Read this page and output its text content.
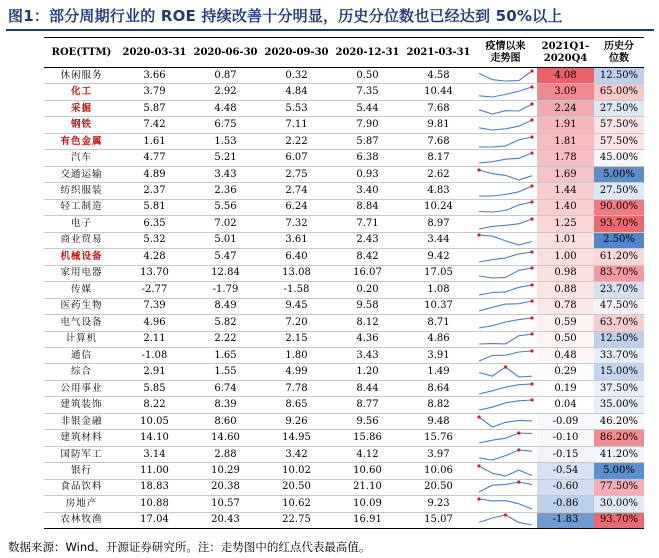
图1：部分周期行业的 ROE 持续改善十分明显，历史分位数也已经达到 50%以上
ROE(TTM)	2020-03-31	2020-06-30	2020-09-30	2020-12-31	2021-03-31	疫情以来
走势图	2021Q1-
2020Q4	历史分
位数
休闲服务	3.66	0.87	0.32	0.50	4.58		4.08	12.50%
化工	3.79	2.92	4.84	7.35	10.44		3.09	65.00%
采掘	5.87	4.48	5.53	5.44	7.68		2.24	27.50%
钢铁	7.42	6.75	7.11	7.90	9.81		1.91	57.50%
有色金属	1.61	1.53	2.22	5.87	7.68		1.81	57.50%
汽车	4.77	5.21	6.07	6.38	8.17		1.78	45.00%
交通运输	4.89	3.43	2.75	0.93	2.62		1.69	5.00%
纺织服装	2.37	2.36	2.74	3.40	4.83		1.44	27.50%
轻工制造	5.81	5.56	6.24	8.84	10.24		1.40	90.00%
电子	6.35	7.02	7.32	7.71	8.97		1.25	93.70%
商业贸易	5.32	5.01	3.61	2.43	3.44		1.01	2.50%
机械设备	4.28	5.47	6.40	8.42	9.42		1.00	61.20%
家用电器	13.70	12.84	13.08	16.07	17.05		0.98	83.70%
传媒	-2.77	-1.79	-1.58	0.20	1.08		0.88	23.70%
医药生物	7.39	8.49	9.45	9.58	10.37		0.78	47.50%
电气设备	4.96	5.82	7.20	8.12	8.71		0.59	63.70%
计算机	2.11	2.22	2.15	4.36	4.86		0.50	12.50%
通信	-1.08	1.65	1.80	3.43	3.91		0.48	33.70%
综合	2.91	1.55	4.99	1.20	1.49		0.29	15.00%
公用事业	5.85	6.74	7.78	8.44	8.64		0.19	37.50%
建筑装饰	8.22	8.39	8.65	8.77	8.82		0.04	35.00%
非银金融	10.05	8.60	9.26	9.56	9.48		-0.09	46.20%
建筑材料	14.10	14.60	14.95	15.86	15.76		-0.10	86.20%
国防军工	3.14	2.88	3.42	4.12	3.97		-0.15	41.20%
银行	11.00	10.29	10.02	10.60	10.06		-0.54	5.00%
食品饮料	18.83	20.38	20.50	21.10	20.50		-0.60	77.50%
房地产	10.88	10.57	10.62	10.09	9.23		-0.86	30.00%
农林牧渔	17.04	20.43	22.75	16.91	15.07		-1.83	93.70%
数据来源：Wind、开源证券研究所。注：走势图中的红点代表最高值。
